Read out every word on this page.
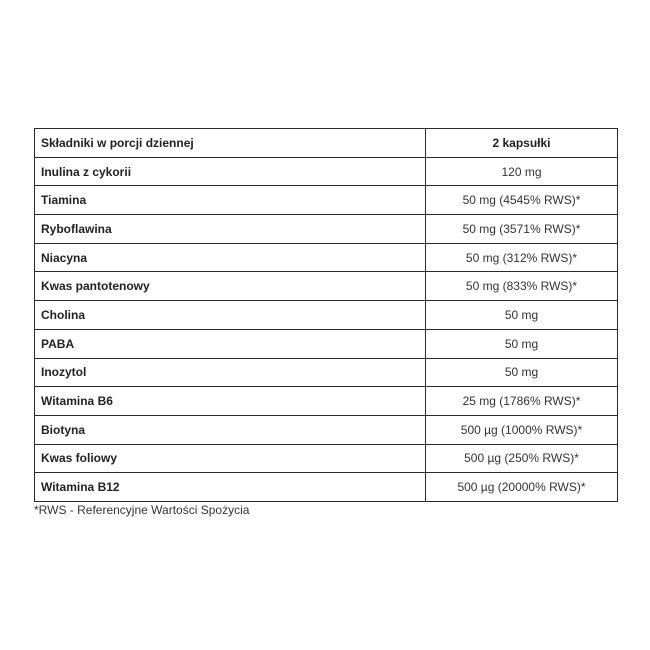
Składniki w porcji dziennej	2 kapsułki
Inulina z cykorii	120 mg
Tiamina	50 mg (4545% RWS)*
Ryboflawina	50 mg (3571% RWS)*
Niacyna	50 mg (312% RWS)*
Kwas pantotenowy	50 mg (833% RWS)*
Cholina	50 mg
PABA	50 mg
Inozytol	50 mg
Witamina B6	25 mg (1786% RWS)*
Biotyna	500 µg (1000% RWS)*
Kwas foliowy	500 µg (250% RWS)*
Witamina B12	500 µg (20000% RWS)*
*RWS - Referencyjne Wartości Spożycia
